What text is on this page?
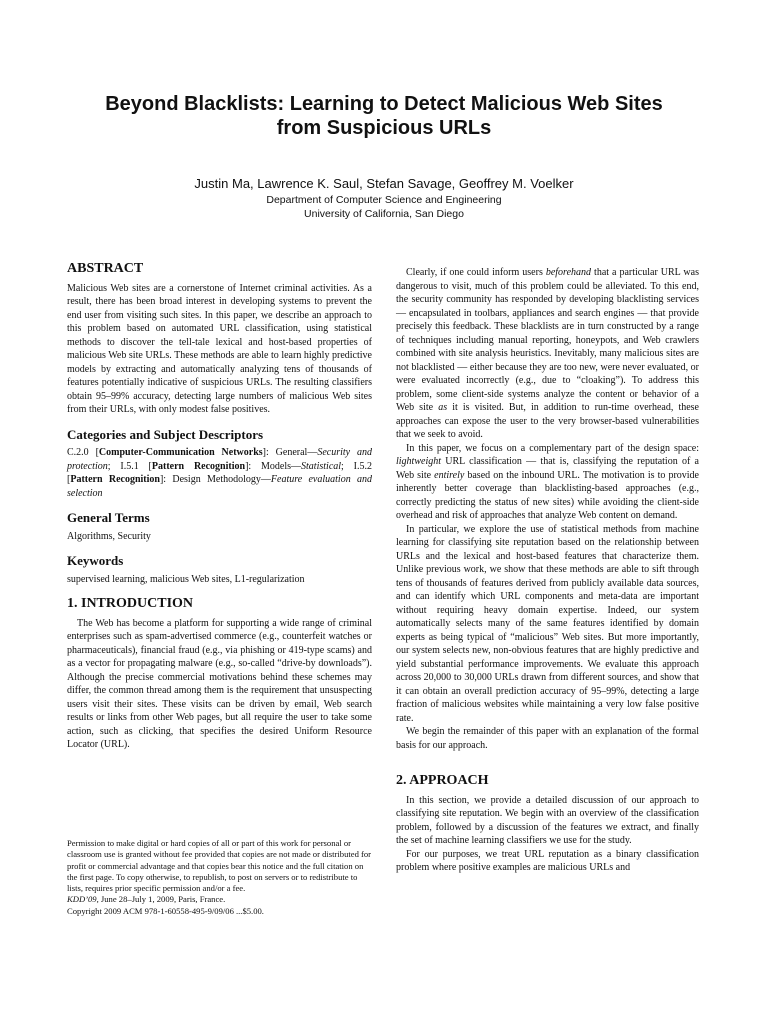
Beyond Blacklists: Learning to Detect Malicious Web Sites
from Suspicious URLs
Justin Ma, Lawrence K. Saul, Stefan Savage, Geoffrey M. Voelker
Department of Computer Science and Engineering
University of California, San Diego
ABSTRACT

Malicious Web sites are a cornerstone of Internet criminal activities. As a result, there has been broad interest in developing systems to prevent the end user from visiting such sites. In this paper, we describe an approach to this problem based on automated URL classification, using statistical methods to discover the tell-tale lexical and host-based properties of malicious Web site URLs. These methods are able to learn highly predictive models by extracting and automatically analyzing tens of thousands of features potentially indicative of suspicious URLs. The resulting classifiers obtain 95–99% accuracy, detecting large numbers of malicious Web sites from their URLs, with only modest false positives.

Categories and Subject Descriptors

C.2.0 [Computer-Communication Networks]: General—Security and protection; I.5.1 [Pattern Recognition]: Models—Statistical; I.5.2 [Pattern Recognition]: Design Methodology—Feature evaluation and selection

General Terms

Algorithms, Security

Keywords

supervised learning, malicious Web sites, L1-regularization

1. INTRODUCTION

The Web has become a platform for supporting a wide range of criminal enterprises such as spam-advertised commerce (e.g., counterfeit watches or pharmaceuticals), financial fraud (e.g., via phishing or 419-type scams) and as a vector for propagating malware (e.g., so-called “drive-by downloads”). Although the precise commercial motivations behind these schemes may differ, the common thread among them is the requirement that unsuspecting users visit their sites. These visits can be driven by email, Web search results or links from other Web pages, but all require the user to take some action, such as clicking, that specifies the desired Uniform Resource Locator (URL).

Permission to make digital or hard copies of all or part of this work for personal or classroom use is granted without fee provided that copies are not made or distributed for profit or commercial advantage and that copies bear this notice and the full citation on the first page. To copy otherwise, to republish, to post on servers or to redistribute to lists, requires prior specific permission and/or a fee.

KDD’09, June 28–July 1, 2009, Paris, France.

Copyright 2009 ACM 978-1-60558-495-9/09/06 ...$5.00.

Clearly, if one could inform users beforehand that a particular URL was dangerous to visit, much of this problem could be alleviated. To this end, the security community has responded by developing blacklisting services — encapsulated in toolbars, appliances and search engines — that provide precisely this feedback. These blacklists are in turn constructed by a range of techniques including manual reporting, honeypots, and Web crawlers combined with site analysis heuristics. Inevitably, many malicious sites are not blacklisted — either because they are too new, were never evaluated, or were evaluated incorrectly (e.g., due to “cloaking”). To address this problem, some client-side systems analyze the content or behavior of a Web site as it is visited. But, in addition to run-time overhead, these approaches can expose the user to the very browser-based vulnerabilities that we seek to avoid.

In this paper, we focus on a complementary part of the design space: lightweight URL classification — that is, classifying the reputation of a Web site entirely based on the inbound URL. The motivation is to provide inherently better coverage than blacklisting-based approaches (e.g., correctly predicting the status of new sites) while avoiding the client-side overhead and risk of approaches that analyze Web content on demand.

In particular, we explore the use of statistical methods from machine learning for classifying site reputation based on the relationship between URLs and the lexical and host-based features that characterize them. Unlike previous work, we show that these methods are able to sift through tens of thousands of features derived from publicly available data sources, and can identify which URL components and meta-data are important without requiring heavy domain expertise. Indeed, our system automatically selects many of the same features identified by domain experts as being typical of “malicious” Web sites. But more importantly, our system selects new, non-obvious features that are highly predictive and yield substantial performance improvements. We evaluate this approach across 20,000 to 30,000 URLs drawn from different sources, and show that it can obtain an overall prediction accuracy of 95–99%, detecting a large fraction of malicious websites while maintaining a very low false positive rate.

We begin the remainder of this paper with an explanation of the formal basis for our approach.

2. APPROACH

In this section, we provide a detailed discussion of our approach to classifying site reputation. We begin with an overview of the classification problem, followed by a discussion of the features we extract, and finally the set of machine learning classifiers we use for the study.

For our purposes, we treat URL reputation as a binary classification problem where positive examples are malicious URLs and
